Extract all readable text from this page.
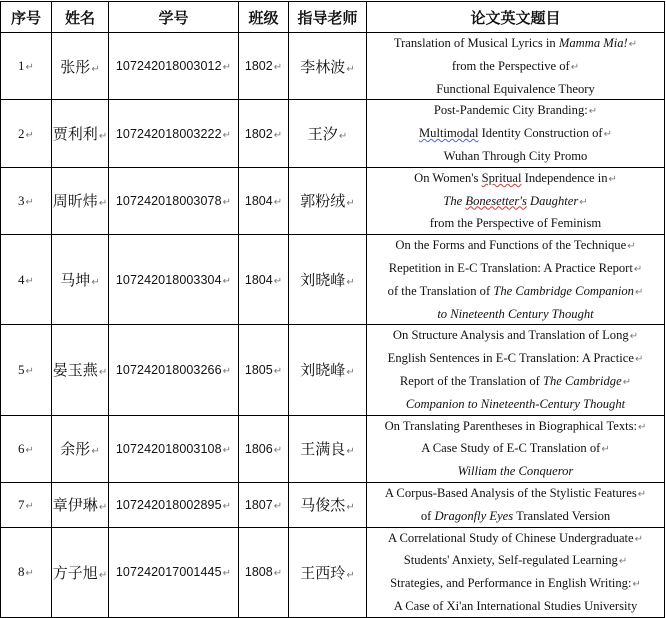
序号	姓名	学号	班级	指导老师	论文英文题目
1↵	张彤↵	107242018003012↵	1802↵	李林波↵	Translation of Musical Lyrics in Mamma Mia!↵
from the Perspective of↵
Functional Equivalence Theory

2↵	贾利利↵	107242018003222↵	1802↵	王汐↵	Post-Pandemic City Branding:↵
Multimodal Identity Construction of↵
Wuhan Through City Promo

3↵	周昕炜↵	107242018003078↵	1804↵	郭粉绒↵	On Women's Spritual Independence in↵
The Bonesetter's Daughter↵
from the Perspective of Feminism

4↵	马坤↵	107242018003304↵	1804↵	刘晓峰↵	On the Forms and Functions of the Technique↵
Repetition in E-C Translation: A Practice Report↵
of the Translation of The Cambridge Companion↵
to Nineteenth Century Thought

5↵	晏玉燕↵	107242018003266↵	1805↵	刘晓峰↵	On Structure Analysis and Translation of Long↵
English Sentences in E-C Translation: A Practice↵
Report of the Translation of The Cambridge↵
Companion to Nineteenth-Century Thought

6↵	余彤↵	107242018003108↵	1806↵	王满良↵	On Translating Parentheses in Biographical Texts:↵
A Case Study of E-C Translation of↵
William the Conqueror

7↵	章伊琳↵	107242018002895↵	1807↵	马俊杰↵	A Corpus-Based Analysis of the Stylistic Features↵
of Dragonfly Eyes Translated Version

8↵	方子旭↵	107242017001445↵	1808↵	王西玲↵	A Correlational Study of Chinese Undergraduate↵
Students' Anxiety, Self-regulated Learning↵
Strategies, and Performance in English Writing:↵
A Case of Xi'an International Studies University
